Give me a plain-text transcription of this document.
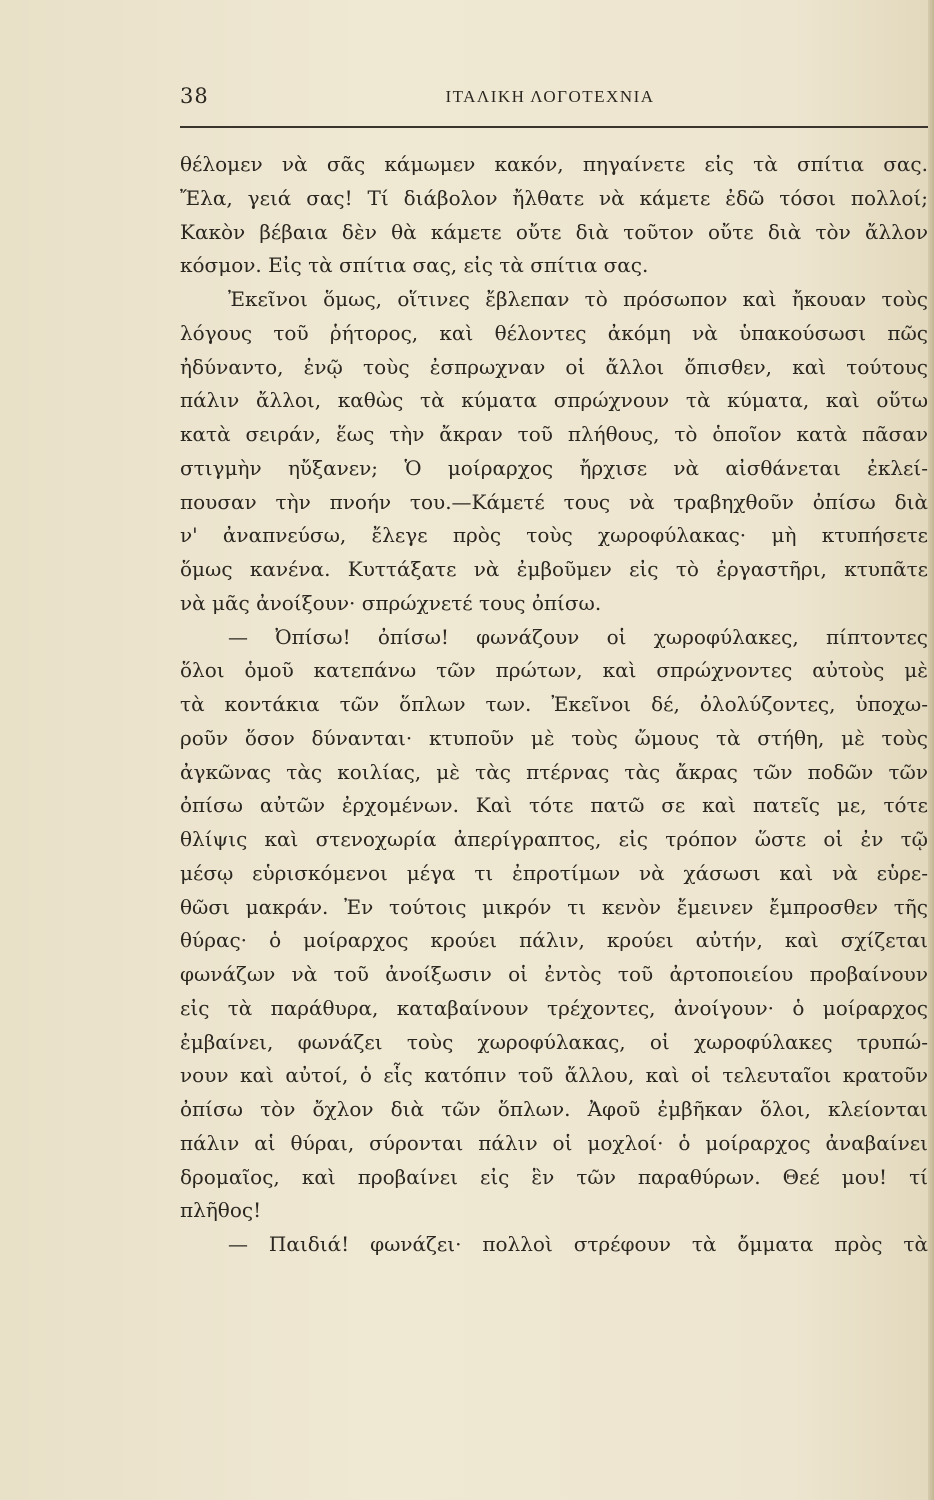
38	ΙΤΑΛΙΚΗ ΛΟΓΟΤΕΧΝΙΑ
θέλομεν νὰ σᾶς κάμωμεν κακόν, πηγαίνετε εἰς τὰ σπίτια σας.
Ἔλα, γειά σας! Τί διάβολον ἤλθατε νὰ κάμετε ἐδῶ τόσοι πολλοί;
Κακὸν βέβαια δὲν θὰ κάμετε οὔτε διὰ τοῦτον οὔτε διὰ τὸν ἄλλον
κόσμον. Εἰς τὰ σπίτια σας, εἰς τὰ σπίτια σας.
Ἐκεῖνοι ὅμως, οἵτινες ἔβλεπαν τὸ πρόσωπον καὶ ἤκουαν τοὺς
λόγους τοῦ ῥήτορος, καὶ θέλοντες ἀκόμη νὰ ὑπακούσωσι πῶς
ἠδύναντο, ἐνῷ τοὺς ἐσπρωχναν οἱ ἄλλοι ὄπισθεν, καὶ τούτους
πάλιν ἄλλοι, καθὼς τὰ κύματα σπρώχνουν τὰ κύματα, καὶ οὕτω
κατὰ σειράν, ἕως τὴν ἄκραν τοῦ πλήθους, τὸ ὁποῖον κατὰ πᾶσαν
στιγμὴν ηὔξανεν; Ὁ μοίραρχος ἤρχισε νὰ αἰσθάνεται ἐκλεί-
πουσαν τὴν πνοήν του.—Κάμετέ τους νὰ τραβηχθοῦν ὀπίσω διὰ
ν' ἀναπνεύσω, ἔλεγε πρὸς τοὺς χωροφύλακας· μὴ κτυπήσετε
ὅμως κανένα. Κυττάξατε νὰ ἐμβοῦμεν εἰς τὸ ἐργαστῆρι, κτυπᾶτε
νὰ μᾶς ἀνοίξουν· σπρώχνετέ τους ὀπίσω.
— Ὀπίσω! ὀπίσω! φωνάζουν οἱ χωροφύλακες, πίπτοντες
ὅλοι ὁμοῦ κατεπάνω τῶν πρώτων, καὶ σπρώχνοντες αὐτοὺς μὲ
τὰ κοντάκια τῶν ὅπλων των. Ἐκεῖνοι δέ, ὀλολύζοντες, ὑποχω-
ροῦν ὅσον δύνανται· κτυποῦν μὲ τοὺς ὤμους τὰ στήθη, μὲ τοὺς
ἀγκῶνας τὰς κοιλίας, μὲ τὰς πτέρνας τὰς ἄκρας τῶν ποδῶν τῶν
ὀπίσω αὐτῶν ἐρχομένων. Καὶ τότε πατῶ σε καὶ πατεῖς με, τότε
θλίψις καὶ στενοχωρία ἀπερίγραπτος, εἰς τρόπον ὥστε οἱ ἐν τῷ
μέσῳ εὑρισκόμενοι μέγα τι ἐπροτίμων νὰ χάσωσι καὶ νὰ εὑρε-
θῶσι μακράν. Ἐν τούτοις μικρόν τι κενὸν ἔμεινεν ἔμπροσθεν τῆς
θύρας· ὁ μοίραρχος κρούει πάλιν, κρούει αὐτήν, καὶ σχίζεται
φωνάζων νὰ τοῦ ἀνοίξωσιν οἱ ἐντὸς τοῦ ἀρτοποιείου προβαίνουν
εἰς τὰ παράθυρα, καταβαίνουν τρέχοντες, ἀνοίγουν· ὁ μοίραρχος
ἐμβαίνει, φωνάζει τοὺς χωροφύλακας, οἱ χωροφύλακες τρυπώ-
νουν καὶ αὐτοί, ὁ εἷς κατόπιν τοῦ ἄλλου, καὶ οἱ τελευταῖοι κρατοῦν
ὀπίσω τὸν ὄχλον διὰ τῶν ὅπλων. Ἀφοῦ ἐμβῆκαν ὅλοι, κλείονται
πάλιν αἱ θύραι, σύρονται πάλιν οἱ μοχλοί· ὁ μοίραρχος ἀναβαίνει
δρομαῖος, καὶ προβαίνει εἰς ἓν τῶν παραθύρων. Θεέ μου! τί
πλῆθος!
— Παιδιά! φωνάζει· πολλοὶ στρέφουν τὰ ὄμματα πρὸς τὰ
